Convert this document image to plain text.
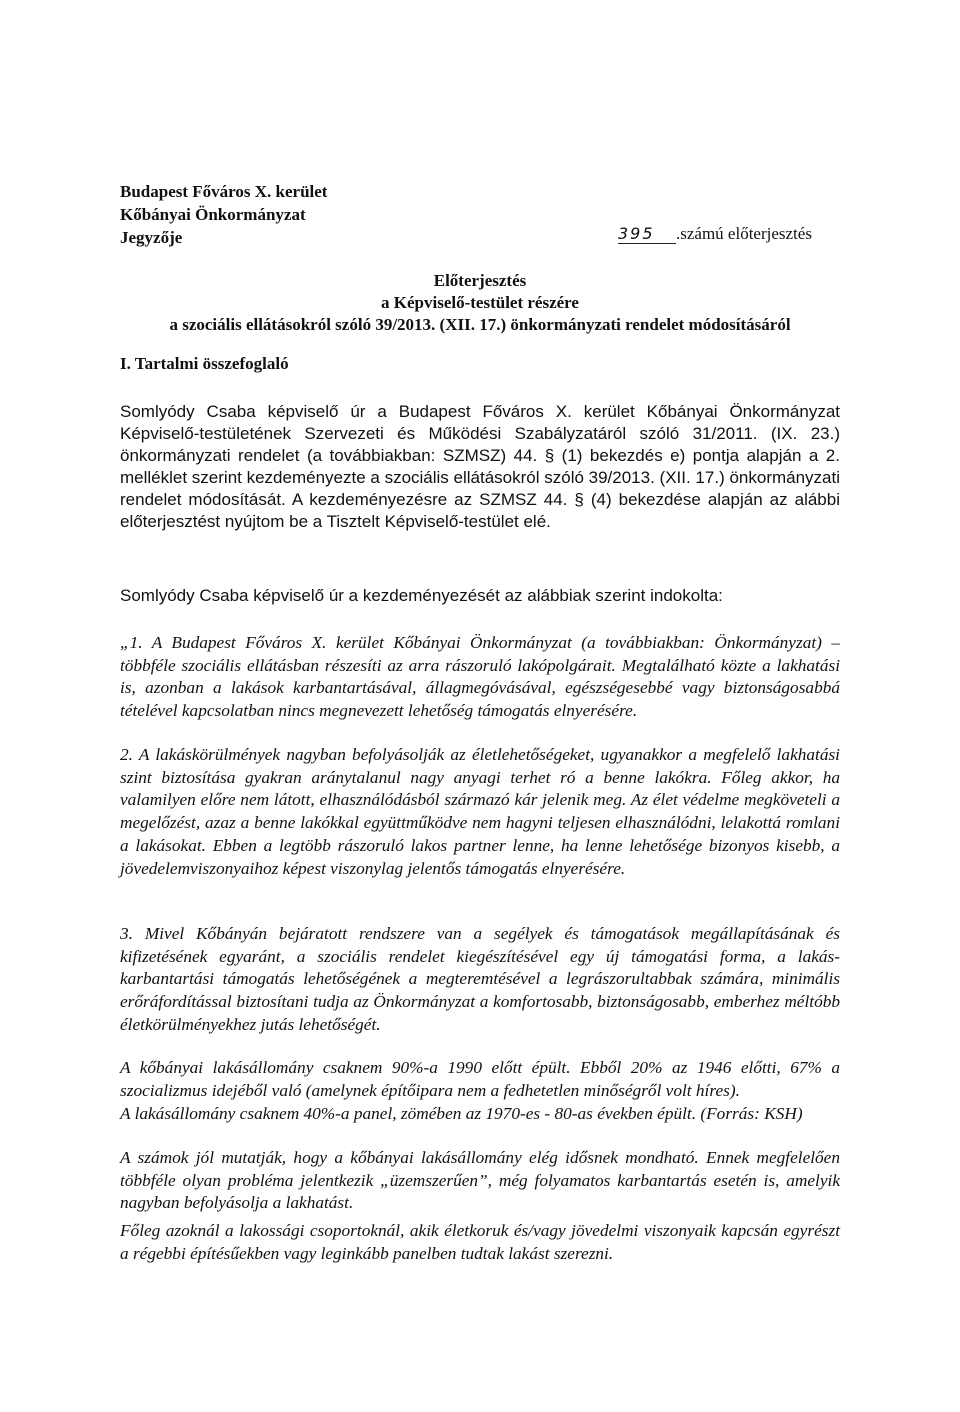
Budapest Főváros X. kerület
Kőbányai Önkormányzat
Jegyzője	395 .számú előterjesztés
Előterjesztés
a Képviselő-testület részére
a szociális ellátásokról szóló 39/2013. (XII. 17.) önkormányzati rendelet módosításáról
I. Tartalmi összefoglaló
Somlyódy Csaba képviselő úr a Budapest Főváros X. kerület Kőbányai Önkormányzat Képviselő-testületének Szervezeti és Működési Szabályzatáról szóló 31/2011. (IX. 23.) önkormányzati rendelet (a továbbiakban: SZMSZ) 44. § (1) bekezdés e) pontja alapján a 2. melléklet szerint kezdeményezte a szociális ellátásokról szóló 39/2013. (XII. 17.) önkormányzati rendelet módosítását. A kezdeményezésre az SZMSZ 44. § (4) bekezdése alapján az alábbi előterjesztést nyújtom be a Tisztelt Képviselő-testület elé.
Somlyódy Csaba képviselő úr a kezdeményezését az alábbiak szerint indokolta:
„1. A Budapest Főváros X. kerület Kőbányai Önkormányzat (a továbbiakban: Önkormányzat) – többféle szociális ellátásban részesíti az arra rászoruló lakópolgárait. Megtalálható közte a lakhatási is, azonban a lakások karbantartásával, állagmegóvásával, egészségesebbé vagy biztonságosabbá tételével kapcsolatban nincs megnevezett lehetőség támogatás elnyerésére.
2. A lakáskörülmények nagyban befolyásolják az életlehetőségeket, ugyanakkor a megfelelő lakhatási szint biztosítása gyakran aránytalanul nagy anyagi terhet ró a benne lakókra. Főleg akkor, ha valamilyen előre nem látott, elhasználódásból származó kár jelenik meg. Az élet védelme megköveteli a megelőzést, azaz a benne lakókkal együttműködve nem hagyni teljesen elhasználódni, lelakottá romlani a lakásokat. Ebben a legtöbb rászoruló lakos partner lenne, ha lenne lehetősége bizonyos kisebb, a jövedelemviszonyaihoz képest viszonylag jelentős támogatás elnyerésére.
3. Mivel Kőbányán bejáratott rendszere van a segélyek és támogatások megállapításának és kifizetésének egyaránt, a szociális rendelet kiegészítésével egy új támogatási forma, a lakás-karbantartási támogatás lehetőségének a megteremtésével a legrászorultabbak számára, minimális erőráfordítással biztosítani tudja az Önkormányzat a komfortosabb, biztonságosabb, emberhez méltóbb életkörülményekhez jutás lehetőségét.
A kőbányai lakásállomány csaknem 90%-a 1990 előtt épült. Ebből 20% az 1946 előtti, 67% a szocializmus idejéből való (amelynek építőipara nem a fedhetetlen minőségről volt híres).
A lakásállomány csaknem 40%-a panel, zömében az 1970-es - 80-as években épült. (Forrás: KSH)
A számok jól mutatják, hogy a kőbányai lakásállomány elég idősnek mondható. Ennek megfelelően többféle olyan probléma jelentkezik „üzemszerűen”, még folyamatos karbantartás esetén is, amelyik nagyban befolyásolja a lakhatást.
Főleg azoknál a lakossági csoportoknál, akik életkoruk és/vagy jövedelmi viszonyaik kapcsán egyrészt a régebbi építésűekben vagy leginkább panelben tudtak lakást szerezni.
